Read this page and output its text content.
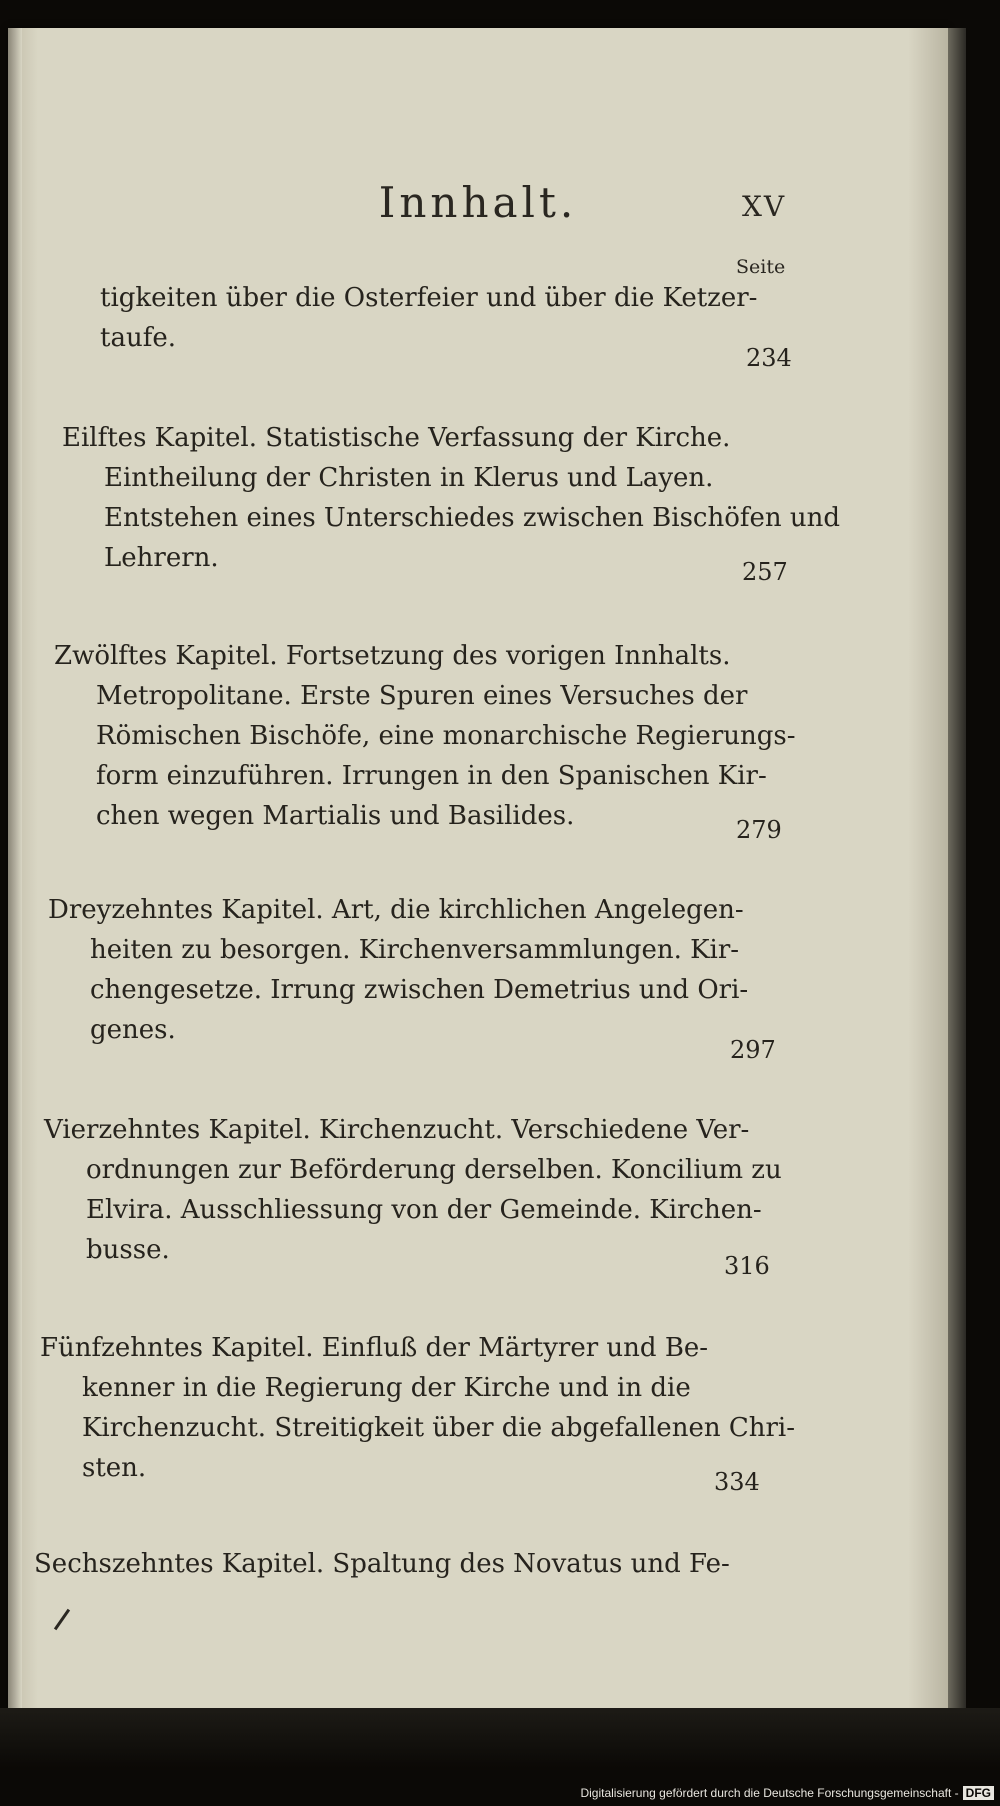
Innhalt.	XV
Seite
tigkeiten über die Osterfeier und über die Ketzer-
taufe.
234
Eilftes Kapitel. Statistische Verfassung der Kirche.
Eintheilung der Christen in Klerus und Layen.
Entstehen eines Unterschiedes zwischen Bischöfen und
Lehrern.	257
Zwölftes Kapitel. Fortsetzung des vorigen Innhalts.
Metropolitane. Erste Spuren eines Versuches der
Römischen Bischöfe, eine monarchische Regierungs-
form einzuführen. Irrungen in den Spanischen Kir-
chen wegen Martialis und Basilides.	279
Dreyzehntes Kapitel. Art, die kirchlichen Angelegen-
heiten zu besorgen. Kirchenversammlungen. Kir-
chengesetze. Irrung zwischen Demetrius und Ori-
genes.
297
Vierzehntes Kapitel. Kirchenzucht. Verschiedene Ver-
ordnungen zur Beförderung derselben. Koncilium zu
Elvira. Ausschliessung von der Gemeinde. Kirchen-
busse.
316
Fünfzehntes Kapitel. Einfluß der Märtyrer und Be-
kenner in die Regierung der Kirche und in die
Kirchenzucht. Streitigkeit über die abgefallenen Chri-
sten.	334
Sechszehntes Kapitel. Spaltung des Novatus und Fe-
Digitalisierung gefördert durch die Deutsche Forschungsgemeinschaft - DFG
